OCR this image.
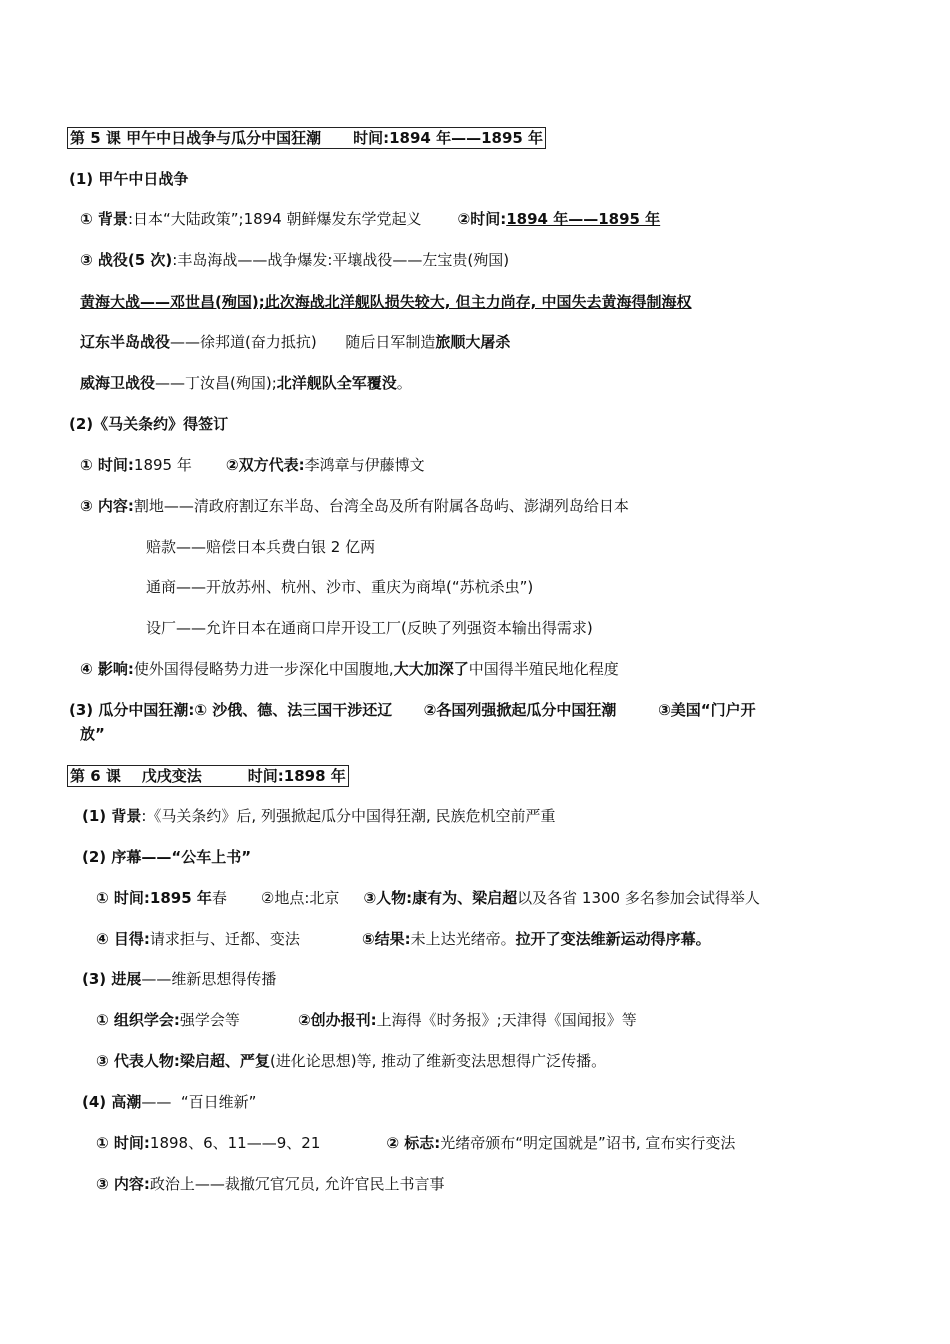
第 5 课 甲午中日战争与瓜分中国狂潮 时间:1894 年——1895 年
(1) 甲午中日战争
① 背景:日本“大陆政策”;1894 朝鲜爆发东学党起义 ②时间:1894 年——1895 年
③ 战役(5 次):丰岛海战——战争爆发:平壤战役——左宝贵(殉国)
黄海大战——邓世昌(殉国);此次海战北洋舰队损失较大, 但主力尚存, 中国失去黄海得制海权
辽东半岛战役——徐邦道(奋力抵抗)      随后日军制造旅顺大屠杀
威海卫战役——丁汝昌(殉国);北洋舰队全军覆没。
(2)《马关条约》得签订
① 时间:1895 年 ②双方代表:李鸿章与伊藤博文
③ 内容:割地——清政府割辽东半岛、台湾全岛及所有附属各岛屿、澎湖列岛给日本
赔款——赔偿日本兵费白银 2 亿两
通商——开放苏州、杭州、沙市、重庆为商埠(“苏杭杀虫”)
设厂——允许日本在通商口岸开设工厂(反映了列强资本输出得需求)
④ 影响:使外国得侵略势力进一步深化中国腹地,大大加深了中国得半殖民地化程度
(3) 瓜分中国狂潮:① 沙俄、德、法三国干涉还辽      ②各国列强掀起瓜分中国狂潮        ③美国“门户开
放”
第 6 课    戊戌变法	时间:1898 年
(1) 背景:《马关条约》后, 列强掀起瓜分中国得狂潮, 民族危机空前严重
(2) 序幕——“公车上书”
① 时间:1895 年春 ②地点:北京 ③人物:康有为、梁启超以及各省 1300 多名参加会试得举人
④ 目得:请求拒与、迁都、变法	⑤结果:未上达光绪帝。拉开了变法维新运动得序幕。
(3) 进展——维新思想得传播
① 组织学会:强学会等	②创办报刊:上海得《时务报》;天津得《国闻报》等
③ 代表人物:梁启超、严复(进化论思想)等, 推动了维新变法思想得广泛传播。
(4) 高潮——  “百日维新”
① 时间:1898、6、11——9、21	② 标志:光绪帝颁布“明定国就是”诏书, 宣布实行变法
③ 内容:政治上——裁撤冗官冗员, 允许官民上书言事
